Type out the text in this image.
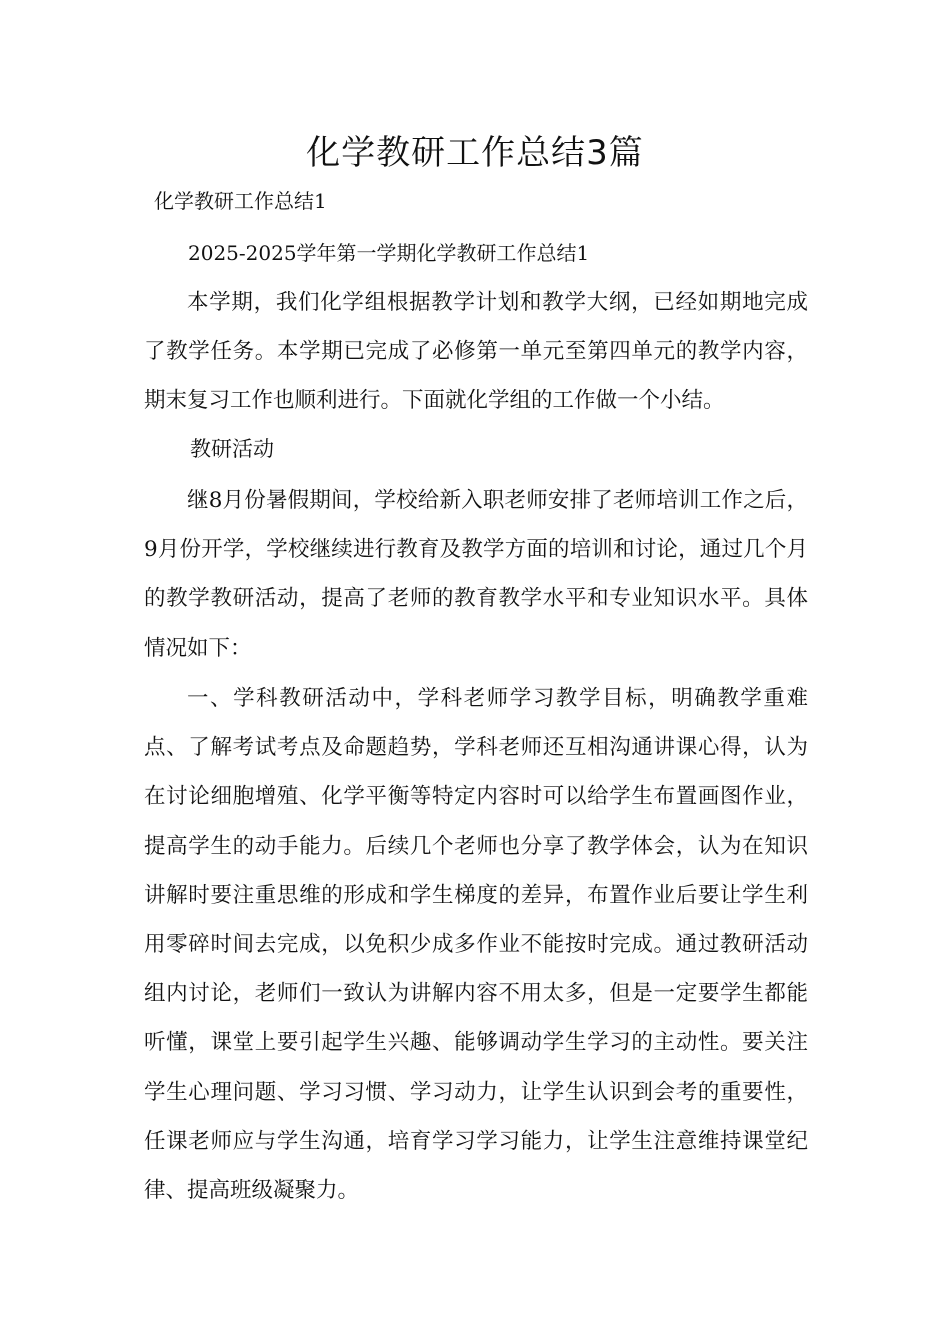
化学教研工作总结3篇

化学教研工作总结1

2025-2025学年第一学期化学教研工作总结1

本学期，我们化学组根据教学计划和教学大纲，已经如期地完成了教学任务。本学期已完成了必修第一单元至第四单元的教学内容，期末复习工作也顺利进行。下面就化学组的工作做一个小结。

教研活动

继8月份暑假期间，学校给新入职老师安排了老师培训工作之后，9月份开学，学校继续进行教育及教学方面的培训和讨论，通过几个月的教学教研活动，提高了老师的教育教学水平和专业知识水平。具体情况如下：

一、学科教研活动中，学科老师学习教学目标，明确教学重难点、了解考试考点及命题趋势，学科老师还互相沟通讲课心得，认为在讨论细胞增殖、化学平衡等特定内容时可以给学生布置画图作业，提高学生的动手能力。后续几个老师也分享了教学体会，认为在知识讲解时要注重思维的形成和学生梯度的差异，布置作业后要让学生利用零碎时间去完成，以免积少成多作业不能按时完成。通过教研活动组内讨论，老师们一致认为讲解内容不用太多，但是一定要学生都能听懂，课堂上要引起学生兴趣、能够调动学生学习的主动性。要关注学生心理问题、学习习惯、学习动力，让学生认识到会考的重要性，任课老师应与学生沟通，培育学习学习能力，让学生注意维持课堂纪律、提高班级凝聚力。
